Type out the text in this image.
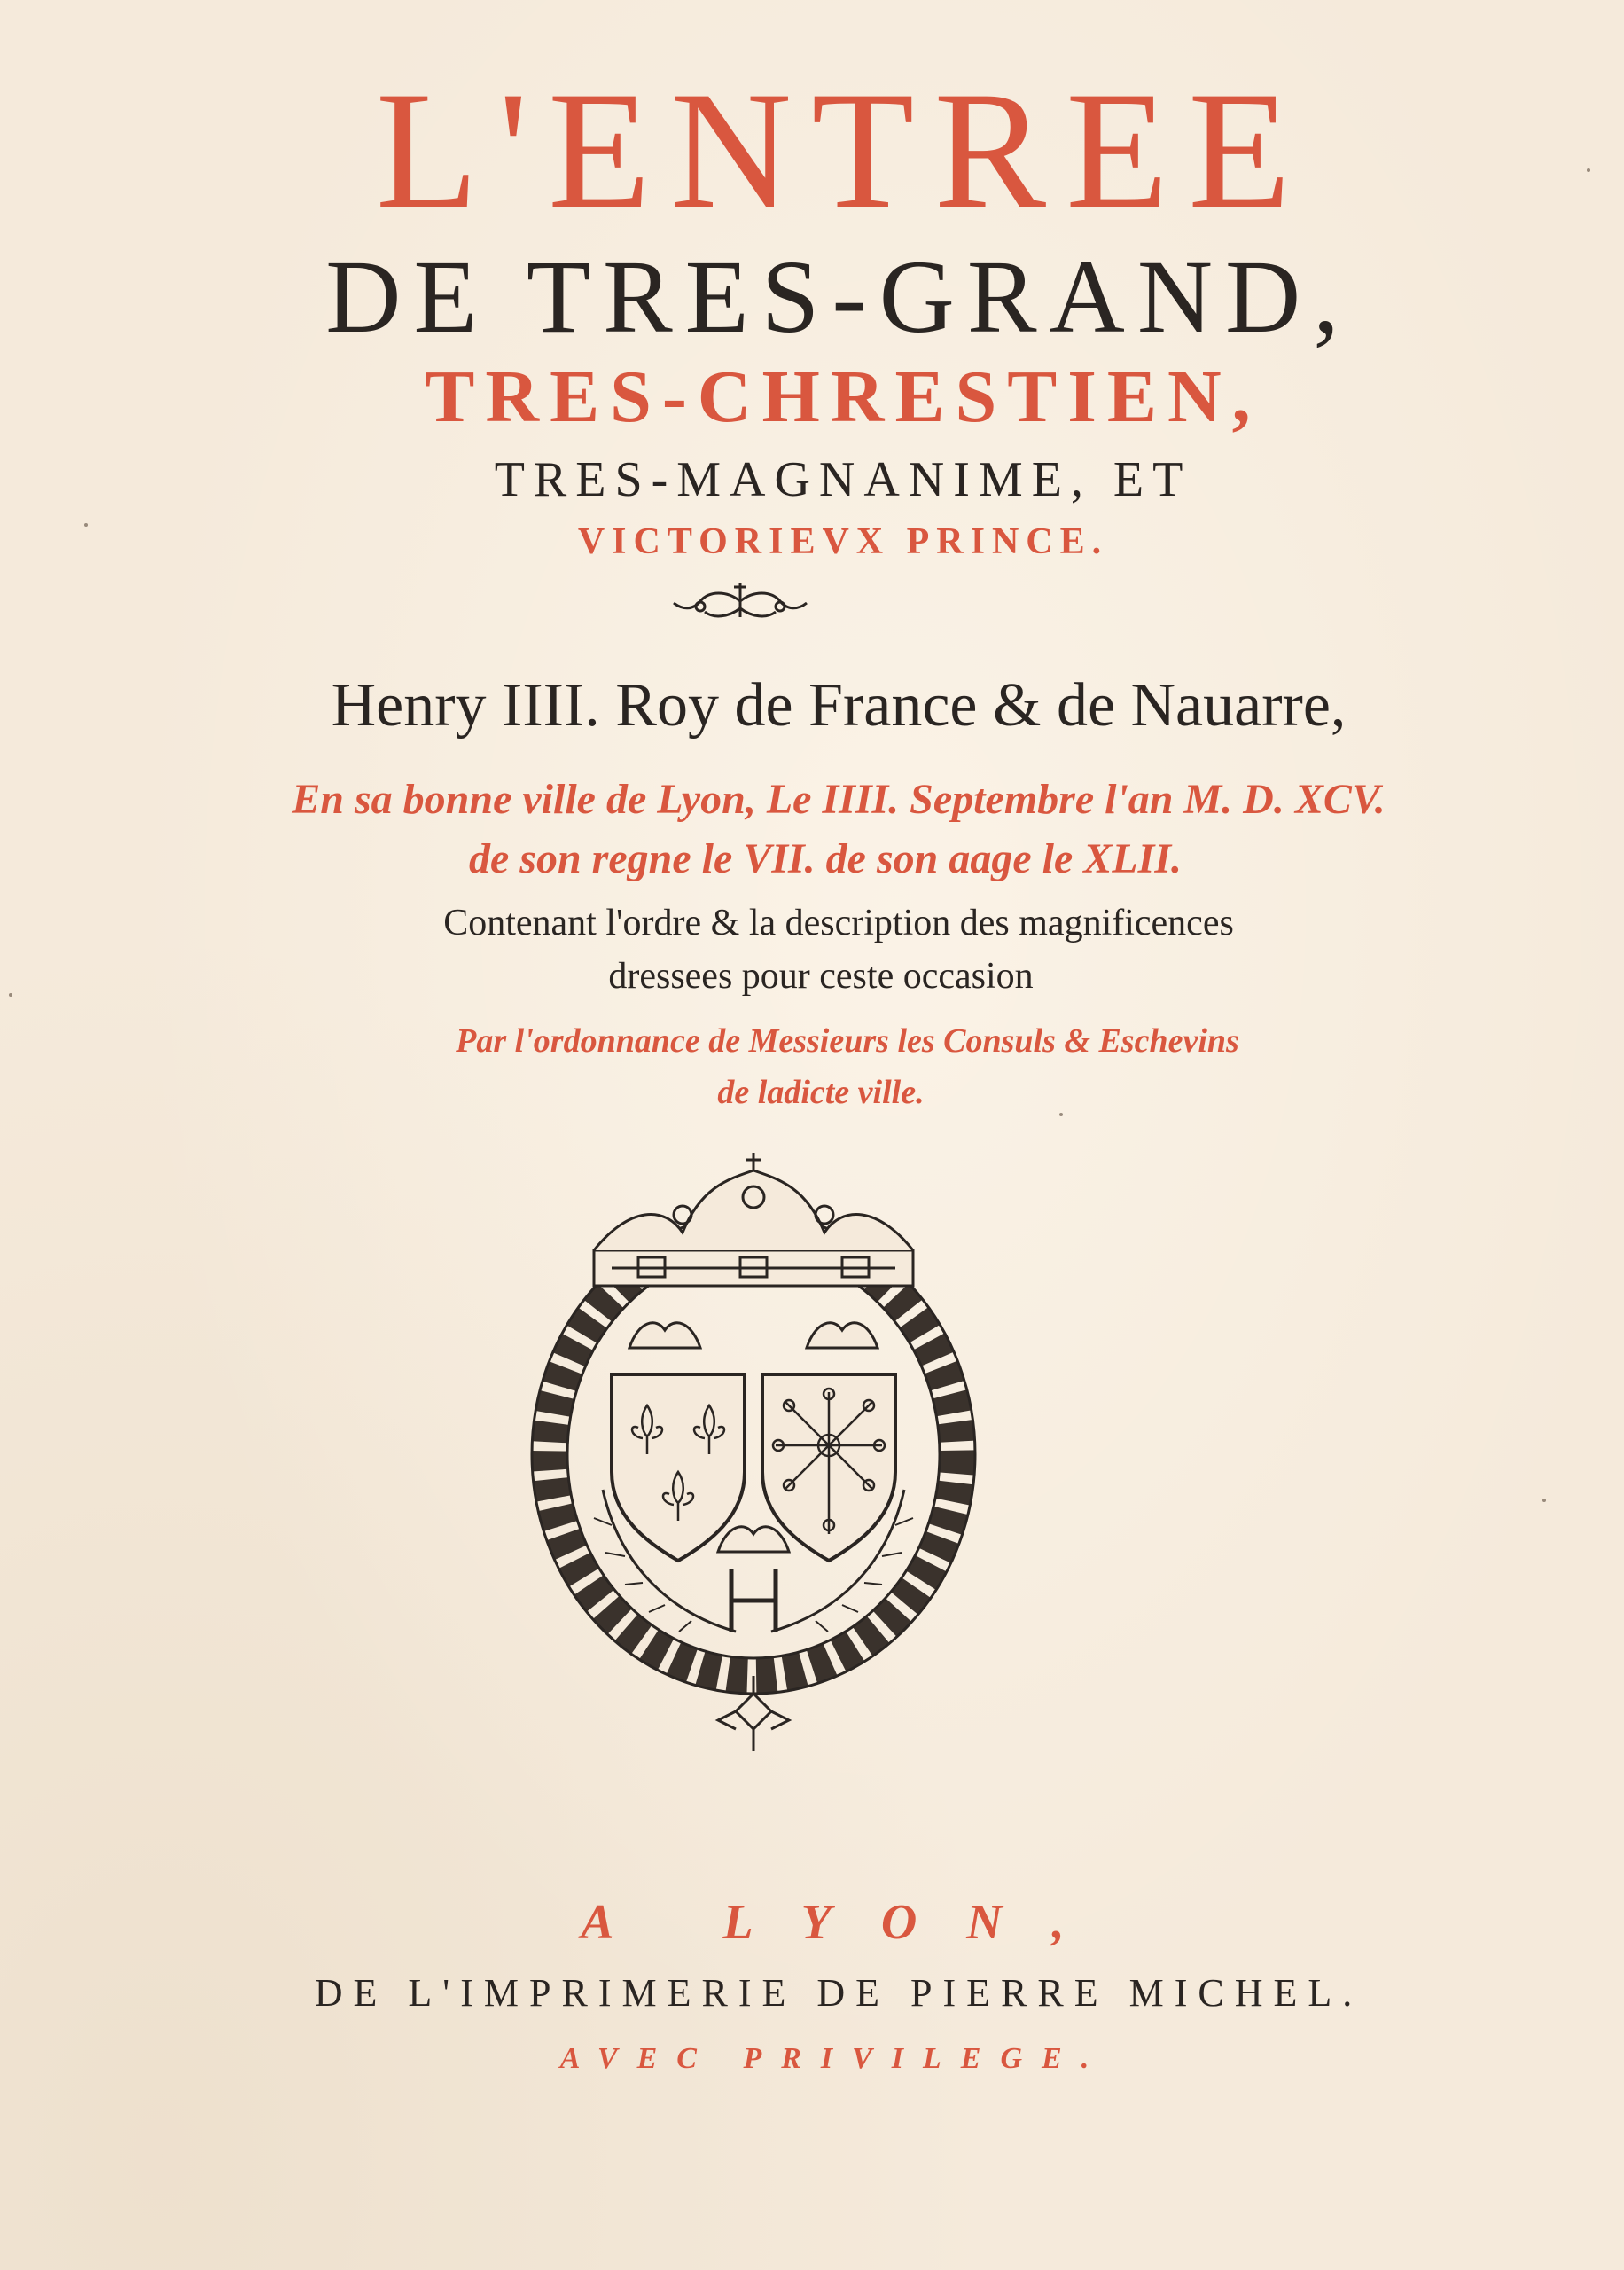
L'ENTREE
DE TRES-GRAND,
TRES-CHRESTIEN,
TRES-MAGNANIME, ET
VICTORIEVX PRINCE.
Henry IIII. Roy de France & de Nauarre,
En sa bonne ville de Lyon, Le IIII. Septembre l'an M. D. XCV.
de son regne le VII. de son aage le XLII.
Contenant l'ordre & la description des magnificences
dressees pour ceste occasion
Par l'ordonnance de Messieurs les Consuls & Eschevins
de ladicte ville.
A LYON,
DE L'IMPRIMERIE DE PIERRE MICHEL.
AVEC PRIVILEGE.
